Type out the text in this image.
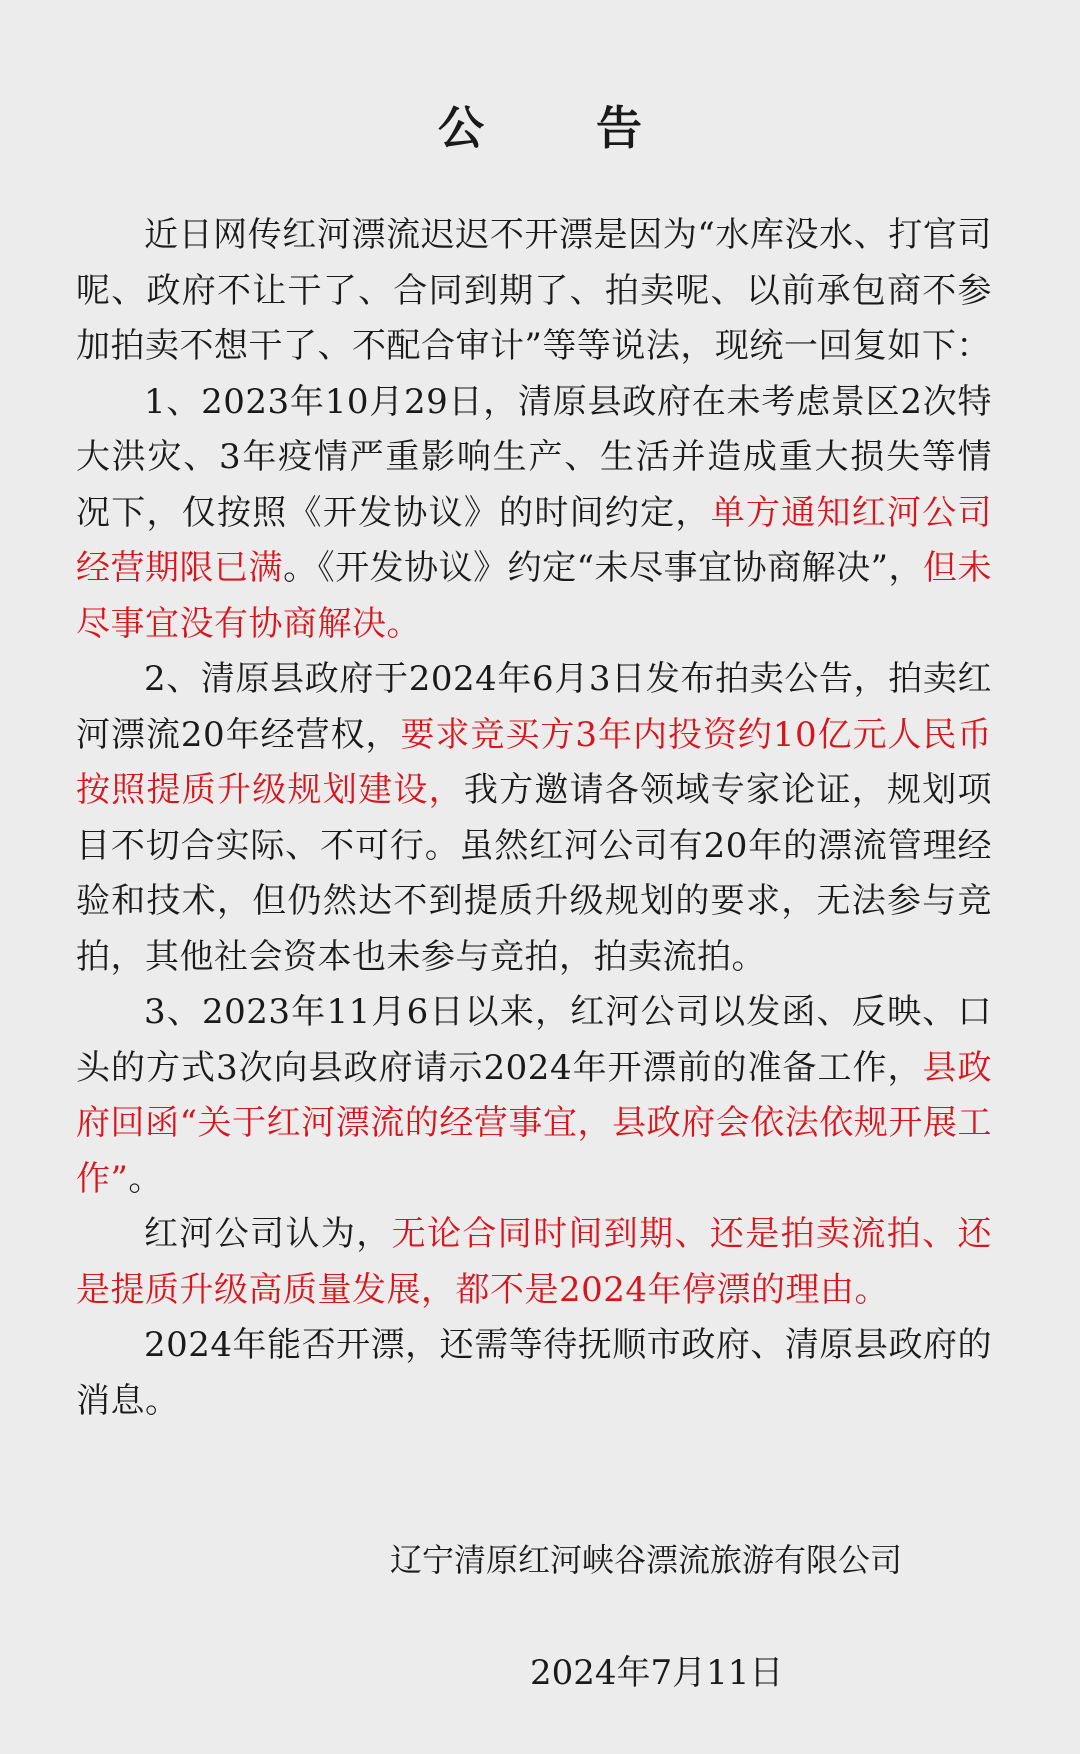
公 告

近日网传红河漂流迟迟不开漂是因为“水库没水、打官司呢、政府不让干了、合同到期了、拍卖呢、以前承包商不参加拍卖不想干了、不配合审计”等等说法，现统一回复如下：

1、2023年10月29日，清原县政府在未考虑景区2次特大洪灾、3年疫情严重影响生产、生活并造成重大损失等情况下，仅按照《开发协议》的时间约定，单方通知红河公司经营期限已满。《开发协议》约定“未尽事宜协商解决”，但未尽事宜没有协商解决。

2、清原县政府于2024年6月3日发布拍卖公告，拍卖红河漂流20年经营权，要求竞买方3年内投资约10亿元人民币按照提质升级规划建设，我方邀请各领域专家论证，规划项目不切合实际、不可行。虽然红河公司有20年的漂流管理经验和技术，但仍然达不到提质升级规划的要求，无法参与竞拍，其他社会资本也未参与竞拍，拍卖流拍。

3、2023年11月6日以来，红河公司以发函、反映、口头的方式3次向县政府请示2024年开漂前的准备工作，县政府回函“关于红河漂流的经营事宜，县政府会依法依规开展工作”。

红河公司认为，无论合同时间到期、还是拍卖流拍、还是提质升级高质量发展，都不是2024年停漂的理由。

2024年能否开漂，还需等待抚顺市政府、清原县政府的消息。

辽宁清原红河峡谷漂流旅游有限公司
2024年7月11日
